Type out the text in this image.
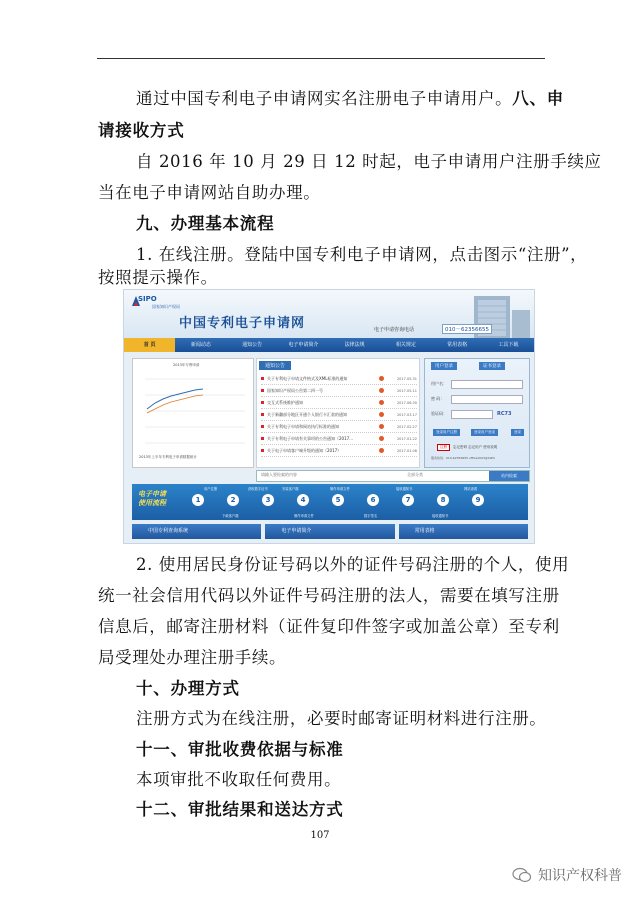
通过中国专利电子申请网实名注册电子申请用户。八、申
请接收方式
自 2016 年 10 月 29 日 12 时起，电子申请用户注册手续应
当在电子申请网站自助办理。
九、办理基本流程
1. 在线注册。登陆中国专利电子申请网，点击图示“注册”，
按照提示操作。
SIPO
国家知识产权局
中国专利电子申请网	电子申请咨询电话	010－62356655
首 页	新闻动态	通知公告	电子申请简介	法律法规	相关规定	常用表格	工具下载
2013年专利申请
2013年上半年专利电子申请数据统计
通知公告
关于专利电子申请文件格式及XML标准的通知	2017.05.31
国家知识产权局公告第二四一号	2017.05.11
交互式系统维护通知	2017.06.30
关于新疆部分地区开通个人银行卡汇款的通知	2017.03.17
关于专利电子申请和网站执行标准的通知	2017.02.27
关于专利电子申请有关事项的公告通知（2017…	2017.01.22
关于电子申请客户端升级的通知（2017）	2017.01.06
用户登录	证书登录
用户名：
密 码：
验证码：	RC73
登录用户注册	登录用户登录	登录
注册	忘记密码 忘记用户 使用说明
服务热线：010-62356655 office2003@SIPO
请输入要检索的内容	全部分类	站内检索
电子申请
使用流程	1	2	3	4	5	6	7	8	9
用户注册	获取数字证书	安装客户端	制作申请文件	接收通知书	网站查看
下载客户端	制作申请文件	数字签名	接收通知书
中国专利查询系统	电子申请简介	常用表格
2. 使用居民身份证号码以外的证件号码注册的个人，使用
统一社会信用代码以外证件号码注册的法人，需要在填写注册
信息后，邮寄注册材料（证件复印件签字或加盖公章）至专利
局受理处办理注册手续。
十、办理方式
注册方式为在线注册，必要时邮寄证明材料进行注册。
十一、审批收费依据与标准
本项审批不收取任何费用。
十二、审批结果和送达方式
107
知识产权科普
